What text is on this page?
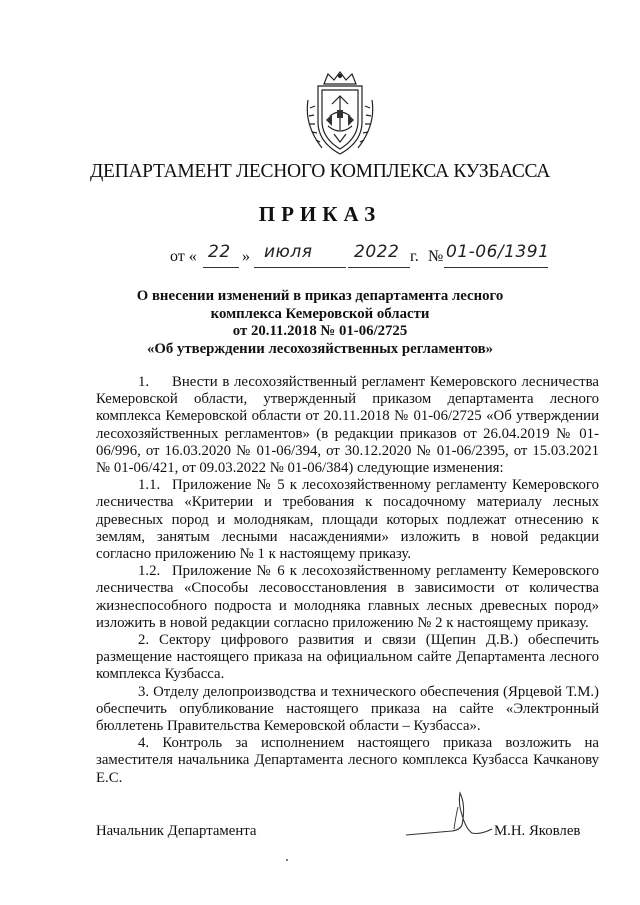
ДЕПАРТАМЕНТ ЛЕСНОГО КОМПЛЕКСА КУЗБАССА
ПРИКАЗ
от « 22 » июля 2022 г. № 01-06/1391
О внесении изменений в приказ департамента лесного
комплекса Кемеровской области
от 20.11.2018 № 01-06/2725
«Об утверждении лесохозяйственных регламентов»

1. Внести в лесохозяйственный регламент Кемеровского лесничества Кемеровской области, утвержденный приказом департамента лесного комплекса Кемеровской области от 20.11.2018 № 01-06/2725 «Об утверждении лесохозяйственных регламентов» (в редакции приказов от 26.04.2019 № 01-06/996, от 16.03.2020 № 01-06/394, от 30.12.2020 № 01-06/2395, от 15.03.2021 № 01-06/421, от 09.03.2022 № 01-06/384) следующие изменения:

1.1. Приложение № 5 к лесохозяйственному регламенту Кемеровского лесничества «Критерии и требования к посадочному материалу лесных древесных пород и молоднякам, площади которых подлежат отнесению к землям, занятым лесными насаждениями» изложить в новой редакции согласно приложению № 1 к настоящему приказу.

1.2. Приложение № 6 к лесохозяйственному регламенту Кемеровского лесничества «Способы лесовосстановления в зависимости от количества жизнеспособного подроста и молодняка главных лесных древесных пород» изложить в новой редакции согласно приложению № 2 к настоящему приказу.

2. Сектору цифрового развития и связи (Щепин Д.В.) обеспечить размещение настоящего приказа на официальном сайте Департамента лесного комплекса Кузбасса.

3. Отделу делопроизводства и технического обеспечения (Ярцевой Т.М.) обеспечить опубликование настоящего приказа на сайте «Электронный бюллетень Правительства Кемеровской области – Кузбасса».

4. Контроль за исполнением настоящего приказа возложить на заместителя начальника Департамента лесного комплекса Кузбасса Качканову Е.С.

Начальник Департамента	М.Н. Яковлев
